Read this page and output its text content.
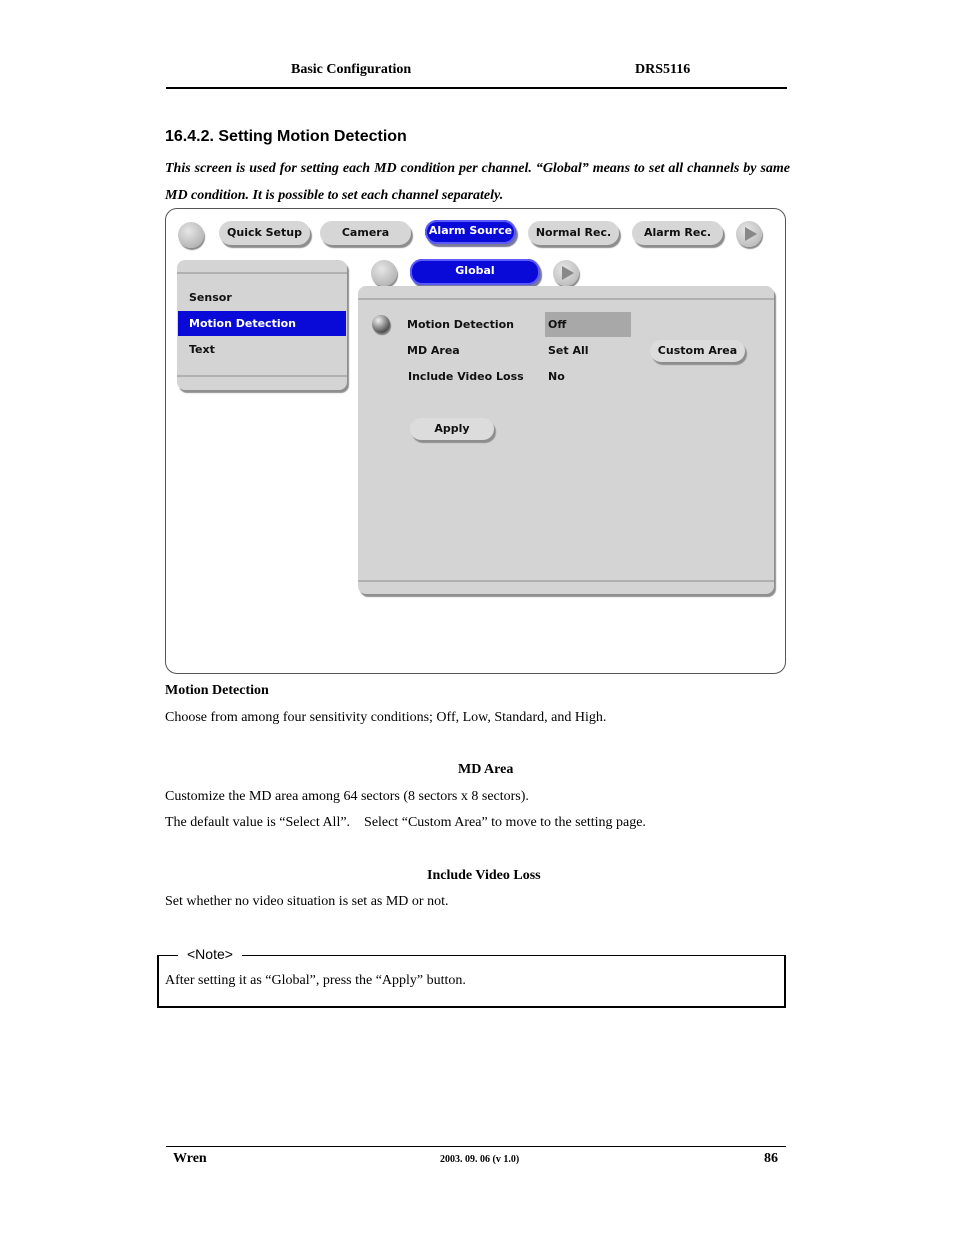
Basic Configuration	DRS5116
16.4.2. Setting Motion Detection
This screen is used for setting each MD condition per channel. “Global” means to set all channels by same MD condition. It is possible to set each channel separately.
Quick Setup	Camera	Alarm Source	Normal Rec.	Alarm Rec.
Sensor
Motion Detection
Text
Global
Motion Detection	Off
MD Area	Set All	Custom Area
Include Video Loss No
Apply
Motion Detection
Choose from among four sensitivity conditions; Off, Low, Standard, and High.
MD Area
Customize the MD area among 64 sectors (8 sectors x 8 sectors).
The default value is “Select All”.    Select “Custom Area” to move to the setting page.
Include Video Loss
Set whether no video situation is set as MD or not.
<Note>
After setting it as “Global”, press the “Apply” button.
Wren	2003. 09. 06 (v 1.0)	86
